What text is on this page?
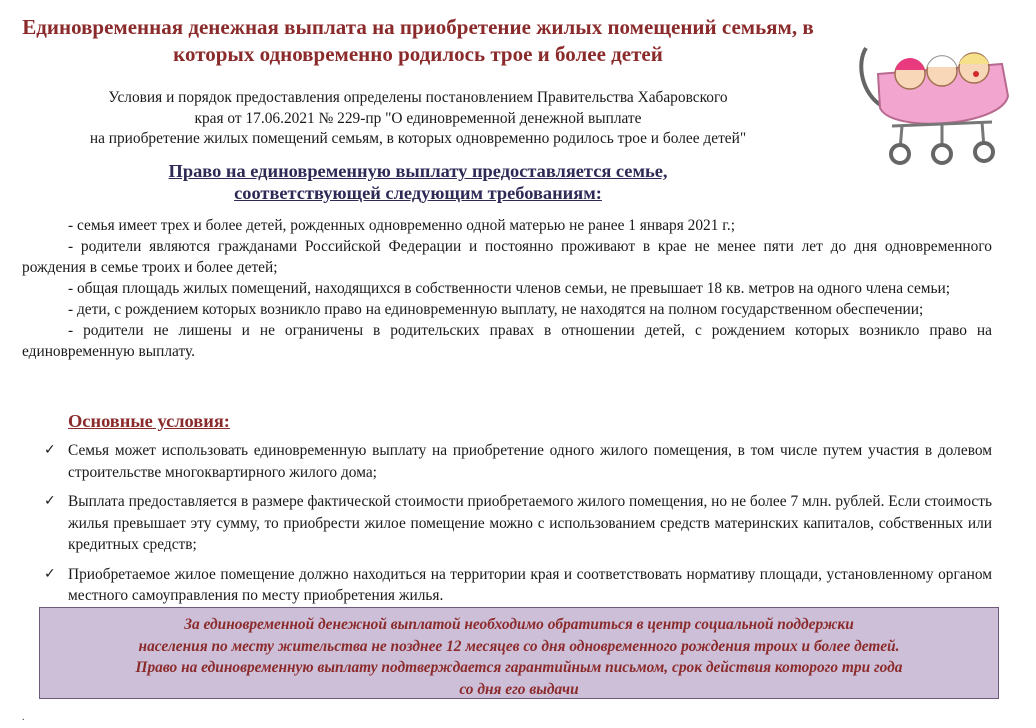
Единовременная денежная выплата на приобретение жилых помещений семьям, в которых одновременно родилось трое и более детей
Условия и порядок предоставления определены постановлением Правительства Хабаровского
края от 17.06.2021 № 229-пр "О единовременной денежной выплате
на приобретение жилых помещений семьям, в которых одновременно родилось трое и более детей"
Право на единовременную выплату предоставляется семье,
соответствующей следующим требованиям:

- семья имеет трех и более детей, рожденных одновременно одной матерью не ранее 1 января 2021 г.;

- родители являются гражданами Российской Федерации и постоянно проживают в крае не менее пяти лет до дня одновременного рождения в семье троих и более детей;

- общая площадь жилых помещений, находящихся в собственности членов семьи, не превышает 18 кв. метров на одного члена семьи;

- дети, с рождением которых возникло право на единовременную выплату, не находятся на полном государственном обеспечении;

- родители не лишены и не ограничены в родительских правах в отношении детей, с рождением которых возникло право на единовременную выплату.

Основные условия:
✓ Семья может использовать единовременную выплату на приобретение одного жилого помещения, в том числе путем участия в долевом строительстве многоквартирного жилого дома;
✓ Выплата предоставляется в размере фактической стоимости приобретаемого жилого помещения, но не более 7 млн. рублей. Если стоимость жилья превышает эту сумму, то приобрести жилое помещение можно с использованием средств материнских капиталов, собственных или кредитных средств;
✓ Приобретаемое жилое помещение должно находиться на территории края и соответствовать нормативу площади, установленному органом местного самоуправления по месту приобретения жилья.
За единовременной денежной выплатой необходимо обратиться в центр социальной поддержки
населения по месту жительства не позднее 12 месяцев со дня одновременного рождения троих и более детей.
Право на единовременную выплату подтверждается гарантийным письмом, срок действия которого три года
со дня его выдачи
.
